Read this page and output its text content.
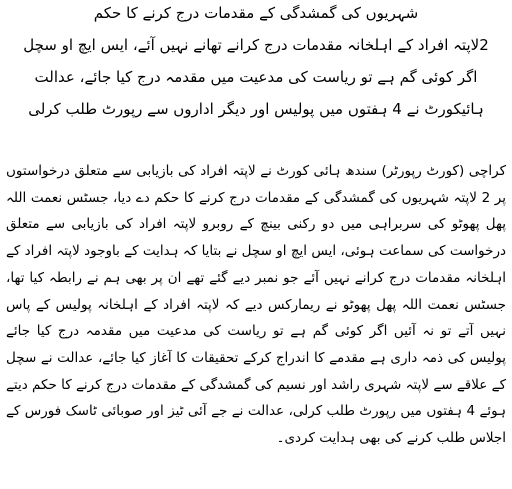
شہریوں کی گمشدگی کے مقدمات درج کرنے کا حکم

2لاپتہ افراد کے اہلخانہ مقدمات درج کرانے تھانے نہیں آئے، ایس ایچ او سچل

اگر کوئی گم ہے تو ریاست کی مدعیت میں مقدمہ درج کیا جائے، عدالت

ہائیکورٹ نے 4 ہفتوں میں پولیس اور دیگر اداروں سے رپورٹ طلب کرلی

کراچی (کورٹ رپورٹر) سندھ ہائی کورٹ نے لاپتہ افراد کی بازیابی سے متعلق درخواستوں پر 2 لاپتہ شہریوں کی گمشدگی کے مقدمات درج کرنے کا حکم دے دیا، جسٹس نعمت اللہ پھل پھوٹو کی سربراہی میں دو رکنی بینچ کے روبرو لاپتہ افراد کی بازیابی سے متعلق درخواست کی سماعت ہوئی، ایس ایچ او سچل نے بتایا کہ ہدایت کے باوجود لاپتہ افراد کے اہلخانہ مقدمات درج کرانے نہیں آئے جو نمبر دیے گئے تھے ان پر بھی ہم نے رابطہ کیا تھا، جسٹس نعمت اللہ پھل پھوٹو نے ریمارکس دیے کہ لاپتہ افراد کے اہلخانہ پولیس کے پاس نہیں آتے تو نہ آئیں اگر کوئی گم ہے تو ریاست کی مدعیت میں مقدمہ درج کیا جائے پولیس کی ذمہ داری ہے مقدمے کا اندراج کرکے تحقیقات کا آغاز کیا جائے، عدالت نے سچل کے علاقے سے لاپتہ شہری راشد اور نسیم کی گمشدگی کے مقدمات درج کرنے کا حکم دیتے ہوئے 4 ہفتوں میں رپورٹ طلب کرلی، عدالت نے جے آئی ٹیز اور صوبائی ٹاسک فورس کے اجلاس طلب کرنے کی بھی ہدایت کردی۔
